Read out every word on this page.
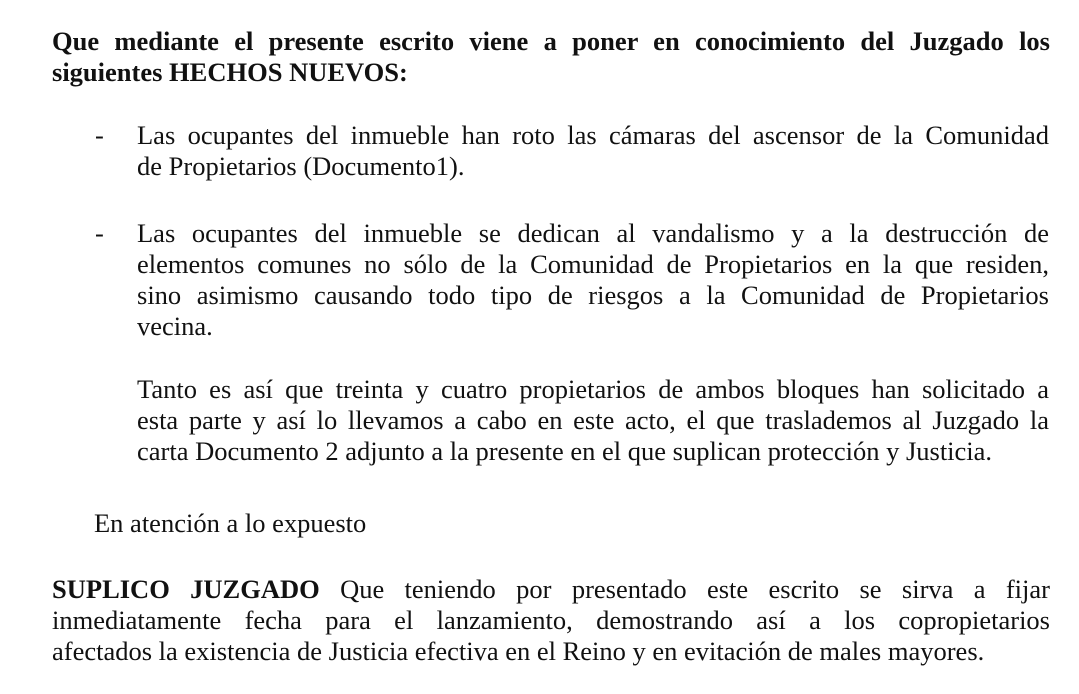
Que mediante el presente escrito viene a poner en conocimiento del Juzgado los
siguientes HECHOS NUEVOS:
- Las ocupantes del inmueble han roto las cámaras del ascensor de la Comunidad
de Propietarios (Documento1).
- Las ocupantes del inmueble se dedican al vandalismo y a la destrucción de
elementos comunes no sólo de la Comunidad de Propietarios en la que residen,
sino asimismo causando todo tipo de riesgos a la Comunidad de Propietarios
vecina.
Tanto es así que treinta y cuatro propietarios de ambos bloques han solicitado a
esta parte y así lo llevamos a cabo en este acto, el que traslademos al Juzgado la
carta Documento 2 adjunto a la presente en el que suplican protección y Justicia.
En atención a lo expuesto
SUPLICO JUZGADO Que teniendo por presentado este escrito se sirva a fijar
inmediatamente fecha para el lanzamiento, demostrando así a los copropietarios
afectados la existencia de Justicia efectiva en el Reino y en evitación de males mayores.
